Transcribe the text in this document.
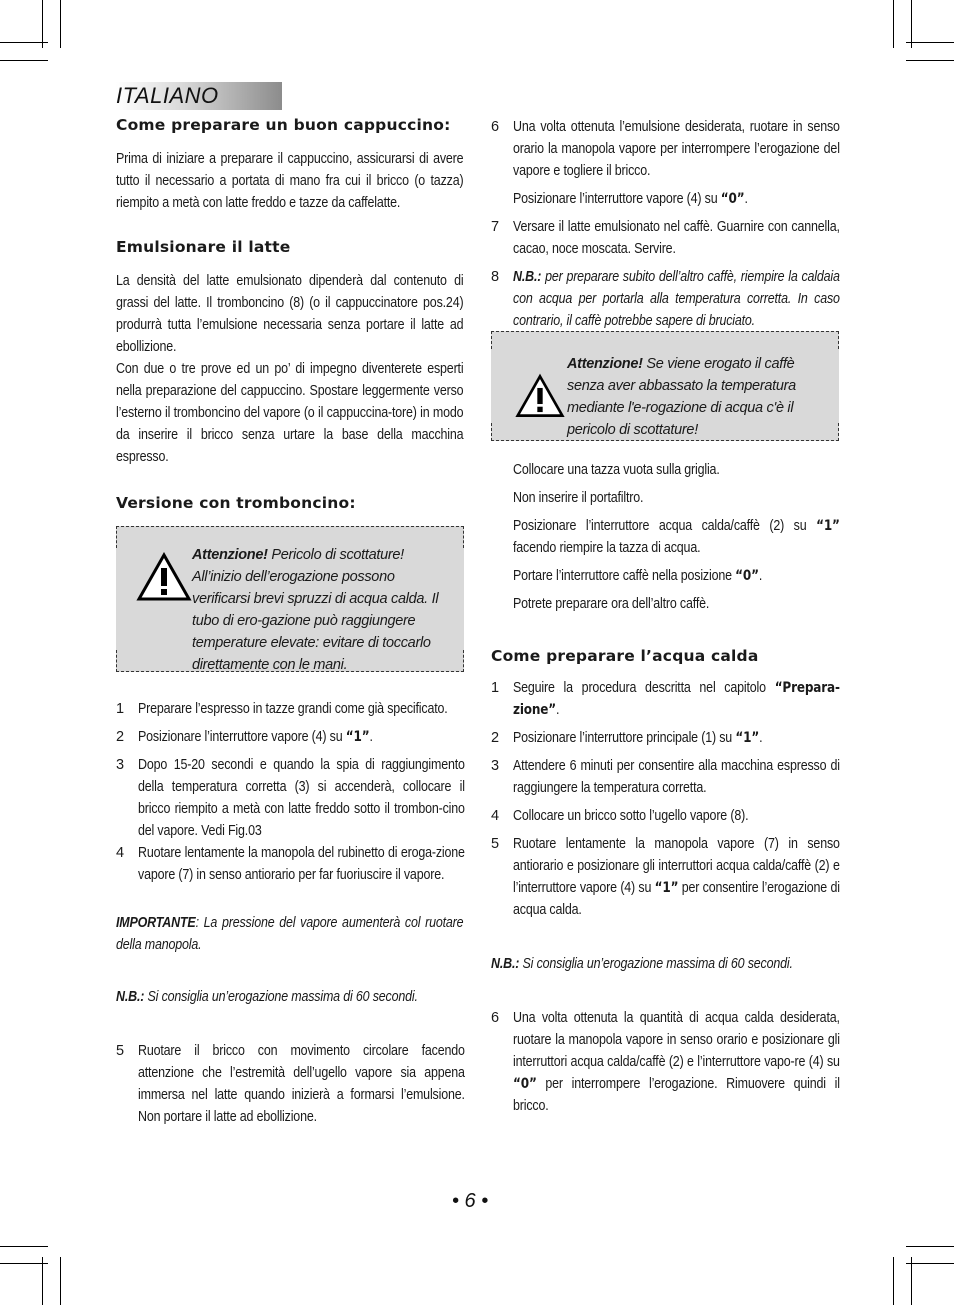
ITALIANO
Come preparare un buon cappuccino:

Prima di iniziare a preparare il cappuccino, assicurarsi di avere tutto il necessario a portata di mano fra cui il bricco (o tazza) riempito a metà con latte freddo e tazze da caffelatte.

Emulsionare il latte

La densità del latte emulsionato dipenderà dal contenuto di grassi del latte. Il tromboncino (8) (o il cappuccinatore pos.24) produrrà tutta l’emulsione necessaria senza portare il latte ad ebollizione.

Con due o tre prove ed un po’ di impegno diventerete esperti nella preparazione del cappuccino. Spostare leggermente verso l’esterno il tromboncino del vapore (o il cappuccina-tore) in modo da inserire il bricco senza urtare la base della macchina espresso.

Versione con tromboncino:
Attenzione! Pericolo di scottature! All’inizio dell’erogazione possono verificarsi brevi spruzzi di acqua calda. Il tubo di ero-gazione può raggiungere temperature elevate: evitare di toccarlo direttamente con le mani.
1 Preparare l’espresso in tazze grandi come già specificato.
2 Posizionare l’interruttore vapore (4) su “1”.
3 Dopo 15-20 secondi e quando la spia di raggiungimento della temperatura corretta (3) si accenderà, collocare il bricco riempito a metà con latte freddo sotto il trombon-cino del vapore. Vedi Fig.03
4 Ruotare lentamente la manopola del rubinetto di eroga-zione vapore (7) in senso antiorario per far fuoriuscire il vapore.
IMPORTANTE: La pressione del vapore aumenterà col ruotare della manopola.
N.B.: Si consiglia un’erogazione massima di 60 secondi.
5 Ruotare il bricco con movimento circolare facendo attenzione che l’estremità dell’ugello vapore sia appena immersa nel latte quando inizierà a formarsi l’emulsione. Non portare il latte ad ebollizione.
6 Una volta ottenuta l’emulsione desiderata, ruotare in senso orario la manopola vapore per interrompere l’erogazione del vapore e togliere il bricco.
Posizionare l’interruttore vapore (4) su “0”.
7 Versare il latte emulsionato nel caffè. Guarnire con cannella, cacao, noce moscata. Servire.
8 N.B.: per preparare subito dell’altro caffè, riempire la caldaia con acqua per portarla alla temperatura corretta. In caso contrario, il caffè potrebbe sapere di bruciato.
Attenzione! Se viene erogato il caffè senza aver abbassato la temperatura mediante l'e-rogazione di acqua c'è il pericolo di scottature!
Collocare una tazza vuota sulla griglia.
Non inserire il portafiltro.
Posizionare l’interruttore acqua calda/caffè (2) su “1” facendo riempire la tazza di acqua.
Portare l’interruttore caffè nella posizione “0”.
Potrete preparare ora dell’altro caffè.
Come preparare l’acqua calda
1 Seguire la procedura descritta nel capitolo “Prepara-zione”.
2 Posizionare l’interruttore principale (1) su “1”.
3 Attendere 6 minuti per consentire alla macchina espresso di raggiungere la temperatura corretta.
4 Collocare un bricco sotto l’ugello vapore (8).
5 Ruotare lentamente la manopola vapore (7) in senso antiorario e posizionare gli interruttori acqua calda/caffè (2) e l’interruttore vapore (4) su “1” per consentire l’erogazione di acqua calda.
N.B.: Si consiglia un’erogazione massima di 60 secondi.
6 Una volta ottenuta la quantità di acqua calda desiderata, ruotare la manopola vapore in senso orario e posizionare gli interruttori acqua calda/caffè (2) e l’interruttore vapo-re (4) su “0” per interrompere l’erogazione. Rimuovere quindi il bricco.
• 6 •
